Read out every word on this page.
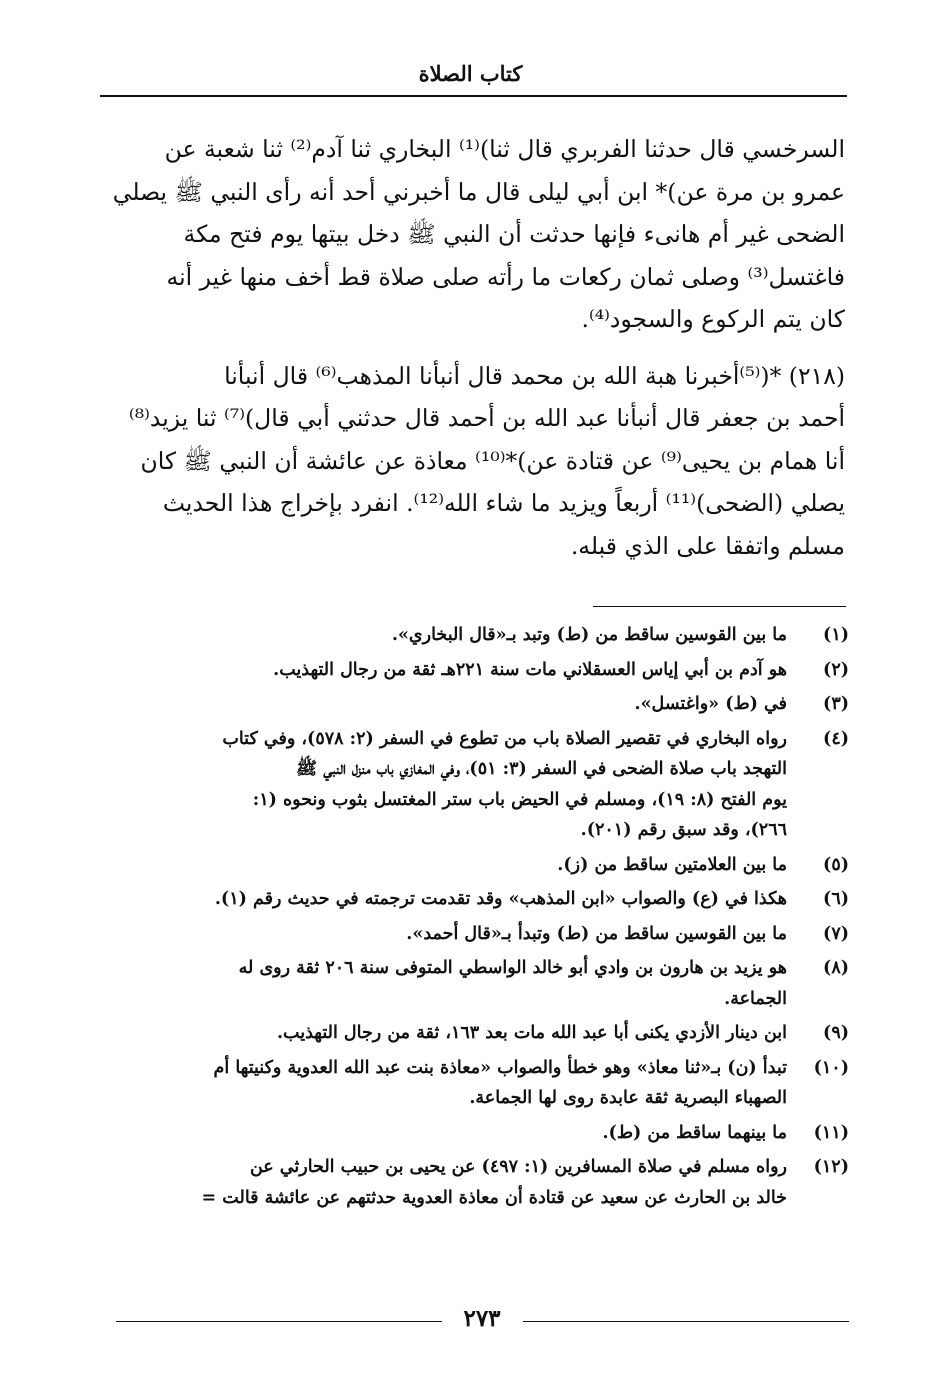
كتاب الصلاة

السرخسي قال حدثنا الفربري قال ثنا)⁽¹⁾ البخاري ثنا آدم⁽²⁾ ثنا شعبة عن
عمرو بن مرة عن)* ابن أبي ليلى قال ما أخبرني أحد أنه رأى النبي ﷺ يصلي
الضحى غير أم هانىء فإنها حدثت أن النبي ﷺ دخل بيتها يوم فتح مكة
فاغتسل⁽³⁾ وصلى ثمان ركعات ما رأته صلى صلاة قط أخف منها غير أنه
كان يتم الركوع والسجود⁽⁴⁾.

(٢١٨) *(⁽⁵⁾أخبرنا هبة الله بن محمد قال أنبأنا المذهب⁽⁶⁾ قال أنبأنا
أحمد بن جعفر قال أنبأنا عبد الله بن أحمد قال حدثني أبي قال)⁽⁷⁾ ثنا يزيد⁽⁸⁾
أنا همام بن يحيى⁽⁹⁾ عن قتادة عن)*⁽¹⁰⁾ معاذة عن عائشة أن النبي ﷺ كان
يصلي (الضحى)⁽¹¹⁾ أربعاً ويزيد ما شاء الله⁽¹²⁾. انفرد بإخراج هذا الحديث
مسلم واتفقا على الذي قبله.

(١)
ما بين القوسين ساقط من (ط) وتبد بـ«قال البخاري».
(٢)
هو آدم بن أبي إياس العسقلاني مات سنة ٢٢١هـ ثقة من رجال التهذيب.
(٣)
في (ط) «واغتسل».
(٤)
رواه البخاري في تقصير الصلاة باب من تطوع في السفر (٢: ٥٧٨)، وفي كتاب
التهجد باب صلاة الضحى في السفر (٣: ٥١)، وفي المغازي باب منزل النبي ﷺ
يوم الفتح (٨: ١٩)، ومسلم في الحيض باب ستر المغتسل بثوب ونحوه (١:
٢٦٦)، وقد سبق رقم (٢٠١).
(٥)
ما بين العلامتين ساقط من (ز).
(٦)
هكذا في (ع) والصواب «ابن المذهب» وقد تقدمت ترجمته في حديث رقم (١).
(٧)
ما بين القوسين ساقط من (ط) وتبدأ بـ«قال أحمد».
(٨)
هو يزيد بن هارون بن وادي أبو خالد الواسطي المتوفى سنة ٢٠٦ ثقة روى له
الجماعة.
(٩)
ابن دينار الأزدي يكنى أبا عبد الله مات بعد ١٦٣، ثقة من رجال التهذيب.
(١٠)
تبدأ (ن) بـ«ثنا معاذ» وهو خطأ والصواب «معاذة بنت عبد الله العدوية وكنيتها أم
الصهباء البصرية ثقة عابدة روى لها الجماعة.
(١١)
ما بينهما ساقط من (ط).
(١٢)
رواه مسلم في صلاة المسافرين (١: ٤٩٧) عن يحيى بن حبيب الحارثي عن
خالد بن الحارث عن سعيد عن قتادة أن معاذة العدوية حدثتهم عن عائشة قالت =
٢٧٣
